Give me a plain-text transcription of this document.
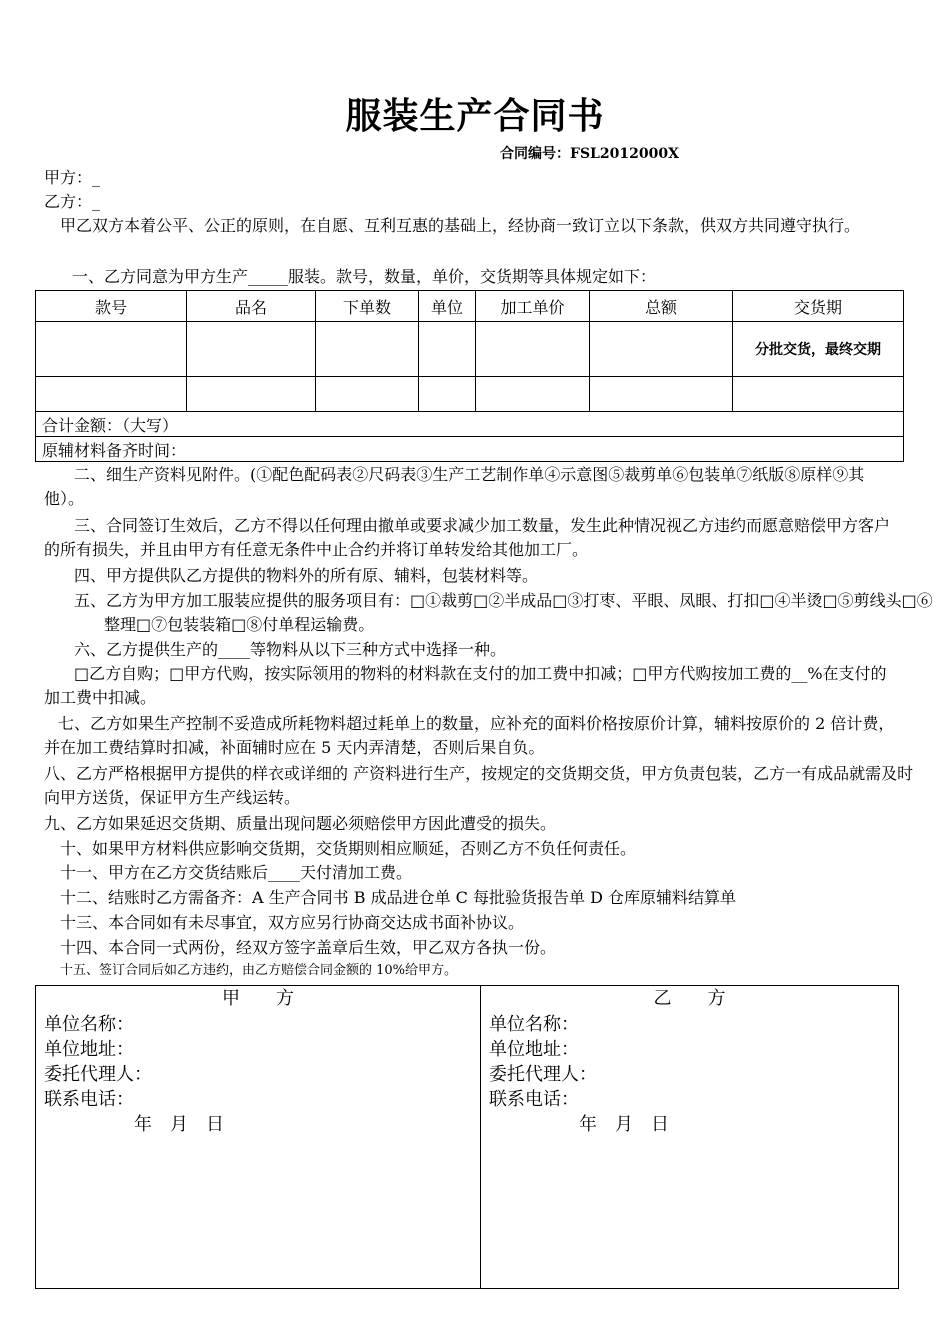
服装生产合同书
合同编号：FSL2012000X
甲方：_
乙方：_
甲乙双方本着公平、公正的原则，在自愿、互利互惠的基础上，经协商一致订立以下条款，供双方共同遵守执行。
一、乙方同意为甲方生产_____服装。款号，数量，单价，交货期等具体规定如下：
款号	品名	下单数	单位	加工单价	总额	交货期
						分批交货，最终交期

合计金额：（大写）						
原辅材料备齐时间：						
二、细生产资料见附件。(①配色配码表②尺码表③生产工艺制作单④示意图⑤裁剪单⑥包装单⑦纸版⑧原样⑨其他）。
三、合同签订生效后，乙方不得以任何理由撤单或要求减少加工数量，发生此种情况视乙方违约而愿意赔偿甲方客户的所有损失，并且由甲方有任意无条件中止合约并将订单转发给其他加工厂。
四、甲方提供队乙方提供的物料外的所有原、辅料，包装材料等。
五、乙方为甲方加工服装应提供的服务项目有：□①裁剪□②半成品□③打枣、平眼、凤眼、打扣□④半烫□⑤剪线头□⑥整理□⑦包装装箱□⑧付单程运输费。
六、乙方提供生产的____等物料从以下三种方式中选择一种。
□乙方自购；□甲方代购，按实际领用的物料的材料款在支付的加工费中扣减；□甲方代购按加工费的__%在支付的加工费中扣减。
七、乙方如果生产控制不妥造成所耗物料超过耗单上的数量，应补充的面料价格按原价计算，辅料按原价的 2 倍计费，并在加工费结算时扣减，补面辅时应在 5 天内弄清楚，否则后果自负。
八、乙方严格根据甲方提供的样衣或详细的 产资料进行生产，按规定的交货期交货，甲方负责包装，乙方一有成品就需及时向甲方送货，保证甲方生产线运转。
九、乙方如果延迟交货期、质量出现问题必须赔偿甲方因此遭受的损失。
十、如果甲方材料供应影响交货期，交货期则相应顺延，否则乙方不负任何责任。
十一、甲方在乙方交货结账后____天付清加工费。
十二、结账时乙方需备齐：A 生产合同书 B 成品进仓单 C 每批验货报告单 D 仓库原辅料结算单
十三、本合同如有未尽事宜，双方应另行协商交达成书面补协议。
十四、本合同一式两份，经双方签字盖章后生效，甲乙双方各执一份。
十五、签订合同后如乙方违约，由乙方赔偿合同金额的 10%给甲方。
甲　　方
单位名称：
单位地址：
委托代理人：
联系电话：
年　月　日
乙　　方
单位名称：
单位地址：
委托代理人：
联系电话：
年　月　日
